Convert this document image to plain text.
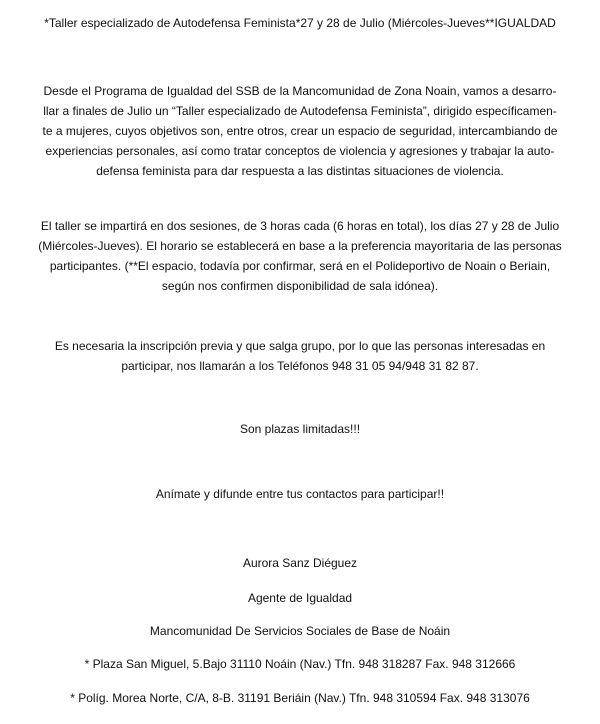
*Taller especializado de Autodefensa Feminista*27 y 28 de Julio (Miércoles-Jueves**IGUALDAD
Desde el Programa de Igualdad del SSB de la Mancomunidad de Zona Noain, vamos a desarro-
llar a finales de Julio un “Taller especializado de Autodefensa Feminista”, dirigido específicamen-
te a mujeres, cuyos objetivos son, entre otros, crear un espacio de seguridad, intercambiando de
experiencias personales, así como tratar conceptos de violencia y agresiones y trabajar la auto-
defensa feminista para dar respuesta a las distintas situaciones de violencia.
El taller se impartirá en dos sesiones, de 3 horas cada (6 horas en total), los días 27 y 28 de Julio
(Miércoles-Jueves). El horario se establecerá en base a la preferencia mayoritaria de las personas
participantes. (**El espacio, todavía por confirmar, será en el Polideportivo de Noain o Beriain,
según nos confirmen disponibilidad de sala idónea).
Es necesaria la inscripción previa y que salga grupo, por lo que las personas interesadas en
participar, nos llamarán a los Teléfonos 948 31 05 94/948 31 82 87.
Son plazas limitadas!!!
Anímate y difunde entre tus contactos para participar!!
Aurora Sanz Diéguez
Agente de Igualdad
Mancomunidad De Servicios Sociales de Base de Noáin
* Plaza San Miguel, 5.Bajo 31110 Noáin (Nav.) Tfn. 948 318287 Fax. 948 312666
* Políg. Morea Norte, C/A, 8-B. 31191 Beriáin (Nav.) Tfn. 948 310594 Fax. 948 313076
